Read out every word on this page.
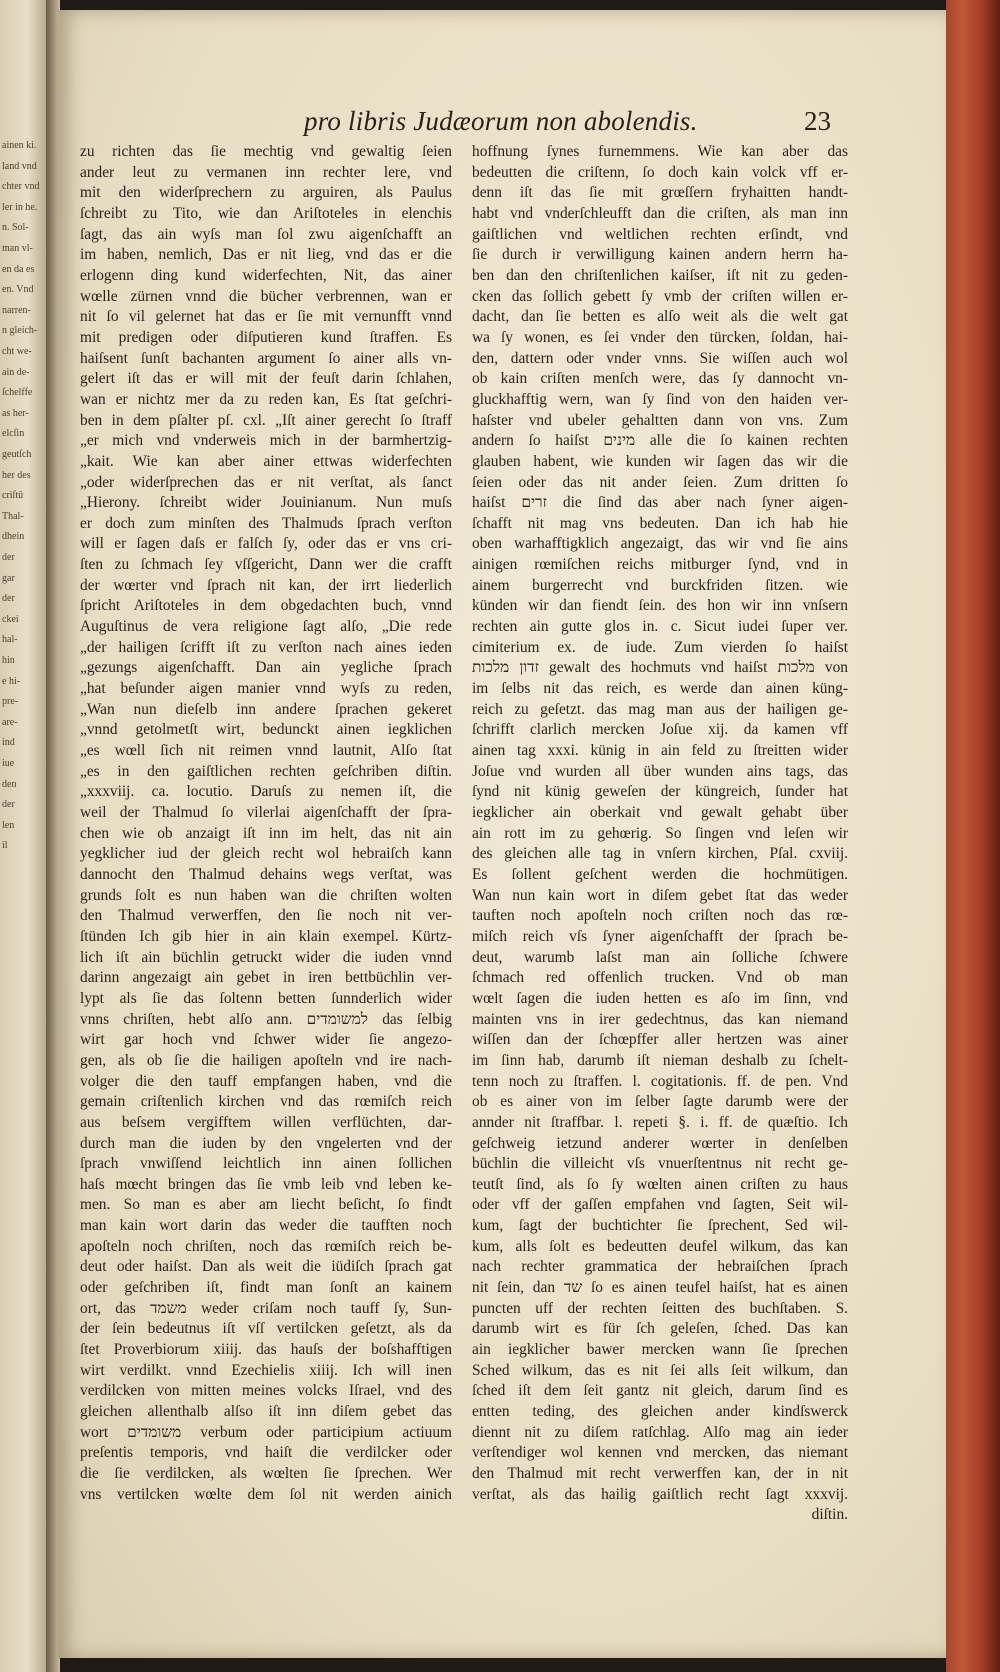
ainen ki.
land vnd
chter vnd
ler in he.
n. Sol-
man vl-
en da es
en. Vnd
narren-
n gleich-
cht we-
ain de-
ſchelffe
as her-
elcſin
geutſch
her des
criſtū
Thal-
dhein
der
gar
der
ckei
hal-
hin
e hi-
pre-
are-
ind
iue
den
der
len
il
pro libris Judæorum non abolendis.	23
zu richten das ſie mechtig vnd gewaltig ſeien
ander leut zu vermanen inn rechter lere, vnd
mit den widerſprechern zu arguiren, als Paulus
ſchreibt zu Tito, wie dan Ariſtoteles in elenchis
ſagt, das ain wyſs man ſol zwu aigenſchafft an
im haben, nemlich, Das er nit lieg, vnd das er die
erlogenn ding kund widerfechten, Nit, das ainer
wœlle zürnen vnnd die bücher verbrennen, wan er
nit ſo vil gelernet hat das er ſie mit vernunfft vnnd
mit predigen oder diſputieren kund ſtraffen. Es
haiſsent ſunſt bachanten argument ſo ainer alls vn-
gelert iſt das er will mit der feuſt darin ſchlahen,
wan er nichtz mer da zu reden kan, Es ſtat geſchri-
ben in dem pſalter pſ. cxl. „Iſt ainer gerecht ſo ſtraff
„er mich vnd vnderweis mich in der barmhertzig-
„kait. Wie kan aber ainer ettwas widerfechten
„oder widerſprechen das er nit verſtat, als ſanct
„Hierony. ſchreibt wider Jouinianum. Nun muſs
er doch zum minſten des Thalmuds ſprach verſton
will er ſagen daſs er falſch ſy, oder das er vns cri-
ſten zu ſchmach ſey vſſgericht, Dann wer die crafft
der wœrter vnd ſprach nit kan, der irrt liederlich
ſpricht Ariſtoteles in dem obgedachten buch, vnnd
Auguſtinus de vera religione ſagt alſo, „Die rede
„der hailigen ſcrifft iſt zu verſton nach aines ieden
„gezungs aigenſchafft. Dan ain yegliche ſprach
„hat beſunder aigen manier vnnd wyſs zu reden,
„Wan nun dieſelb inn andere ſprachen gekeret
„vnnd getolmetſt wirt, bedunckt ainen iegklichen
„es wœll ſich nit reimen vnnd lautnit, Alſo ſtat
„es in den gaiſtlichen rechten geſchriben diſtin.
„xxxviij. ca. locutio. Daruſs zu nemen iſt, die
weil der Thalmud ſo vilerlai aigenſchafft der ſpra-
chen wie ob anzaigt iſt inn im helt, das nit ain
yegklicher iud der gleich recht wol hebraiſch kann
dannocht den Thalmud dehains wegs verſtat, was
grunds ſolt es nun haben wan die chriſten wolten
den Thalmud verwerffen, den ſie noch nit ver-
ſtünden Ich gib hier in ain klain exempel. Kürtz-
lich iſt ain büchlin getruckt wider die iuden vnnd
darinn angezaigt ain gebet in iren bettbüchlin ver-
lypt als ſie das ſoltenn betten ſunnderlich wider
vnns chriſten, hebt alſo ann. למשומדים das ſelbig
wirt gar hoch vnd ſchwer wider ſie angezo-
gen, als ob ſie die hailigen apoſteln vnd ire nach-
volger die den tauff empfangen haben, vnd die
gemain criſtenlich kirchen vnd das rœmiſch reich
aus beſsem vergifftem willen verflüchten, dar-
durch man die iuden by den vngelerten vnd der
ſprach vnwiſſend leichtlich inn ainen ſollichen
haſs mœcht bringen das ſie vmb leib vnd leben ke-
men. So man es aber am liecht beſicht, ſo findt
man kain wort darin das weder die taufften noch
apoſteln noch chriſten, noch das rœmiſch reich be-
deut oder haiſst. Dan als weit die iüdiſch ſprach gat
oder geſchriben iſt, findt man ſonſt an kainem
ort, das משמד weder criſam noch tauff ſy, Sun-
der ſein bedeutnus iſt vſſ vertilcken geſetzt, als da
ſtet Proverbiorum xiiij. das hauſs der boſshafftigen
wirt verdilkt. vnnd Ezechielis xiiij. Ich will inen
verdilcken von mitten meines volcks Iſrael, vnd des
gleichen allenthalb alſso iſt inn diſem gebet das
wort משומדים verbum oder participium actiuum
preſentis temporis, vnd haiſt die verdilcker oder
die ſie verdilcken, als wœlten ſie ſprechen. Wer
vns vertilcken wœlte dem ſol nit werden ainich
hoffnung ſynes furnemmens. Wie kan aber das
bedeutten die criſtenn, ſo doch kain volck vff er-
denn iſt das ſie mit grœſſern fryhaitten handt-
habt vnd vnderſchleufft dan die criſten, als man inn
gaiſtlichen vnd weltlichen rechten erſindt, vnd
ſie durch ir verwilligung kainen andern herrn ha-
ben dan den chriſtenlichen kaiſser, iſt nit zu geden-
cken das ſollich gebett ſy vmb der criſten willen er-
dacht, dan ſie betten es alſo weit als die welt gat
wa ſy wonen, es ſei vnder den türcken, ſoldan, hai-
den, dattern oder vnder vnns. Sie wiſſen auch wol
ob kain criſten menſch were, das ſy dannocht vn-
gluckhafftig wern, wan ſy ſind von den haiden ver-
haſster vnd ubeler gehaltten dann von vns. Zum
andern ſo haiſst מינים alle die ſo kainen rechten
glauben habent, wie kunden wir ſagen das wir die
ſeien oder das nit ander ſeien. Zum dritten ſo
haiſst זרים die ſind das aber nach ſyner aigen-
ſchafft nit mag vns bedeuten. Dan ich hab hie
oben warhafftigklich angezaigt, das wir vnd ſie ains
ainigen rœmiſchen reichs mitburger ſynd, vnd in
ainem burgerrecht vnd burckfriden ſitzen. wie
künden wir dan fiendt ſein. des hon wir inn vnſsern
rechten ain gutte glos in. c. Sicut iudei ſuper ver.
cimiterium ex. de iude. Zum vierden ſo haiſst
זדון מלכות gewalt des hochmuts vnd haiſst מלכות von
im ſelbs nit das reich, es werde dan ainen küng-
reich zu geſetzt. das mag man aus der hailigen ge-
ſchrifft clarlich mercken Joſue xij. da kamen vff
ainen tag xxxi. künig in ain feld zu ſtreitten wider
Joſue vnd wurden all über wunden ains tags, das
ſynd nit künig geweſen der küngreich, ſunder hat
iegklicher ain oberkait vnd gewalt gehabt über
ain rott im zu gehœrig. So ſingen vnd leſen wir
des gleichen alle tag in vnſern kirchen, Pſal. cxviij.
Es ſollent geſchent werden die hochmütigen.
Wan nun kain wort in diſem gebet ſtat das weder
tauften noch apoſteln noch criſten noch das rœ-
miſch reich vſs ſyner aigenſchafft der ſprach be-
deut, warumb laſst man ain ſolliche ſchwere
ſchmach red offenlich trucken. Vnd ob man
wœlt ſagen die iuden hetten es aſo im ſinn, vnd
mainten vns in irer gedechtnus, das kan niemand
wiſſen dan der ſchœpffer aller hertzen was ainer
im ſinn hab, darumb iſt nieman deshalb zu ſchelt-
tenn noch zu ſtraffen. l. cogitationis. ff. de pen. Vnd
ob es ainer von im ſelber ſagte darumb were der
annder nit ſtraffbar. l. repeti §. i. ff. de quæſtio. Ich
geſchweig ietzund anderer wœrter in denſelben
büchlin die villeicht vſs vnuerſtentnus nit recht ge-
teutſt ſind, als ſo ſy wœlten ainen criſten zu haus
oder vff der gaſſen empfahen vnd ſagten, Seit wil-
kum, ſagt der buchtichter ſie ſprechent, Sed wil-
kum, alls ſolt es bedeutten deufel wilkum, das kan
nach rechter grammatica der hebraiſchen ſprach
nit ſein, dan שד ſo es ainen teufel haiſst, hat es ainen
puncten uff der rechten ſeitten des buchſtaben. S.
darumb wirt es für ſch geleſen, ſched. Das kan
ain iegklicher bawer mercken wann ſie ſprechen
Sched wilkum, das es nit ſei alls ſeit wilkum, dan
ſched iſt dem ſeit gantz nit gleich, darum ſind es
entten teding, des gleichen ander kindſswerck
diennt nit zu diſem ratſchlag. Alſo mag ain ieder
verſtendiger wol kennen vnd mercken, das niemant
den Thalmud mit recht verwerffen kan, der in nit
verſtat, als das hailig gaiſtlich recht ſagt xxxvij.
diſtin.
